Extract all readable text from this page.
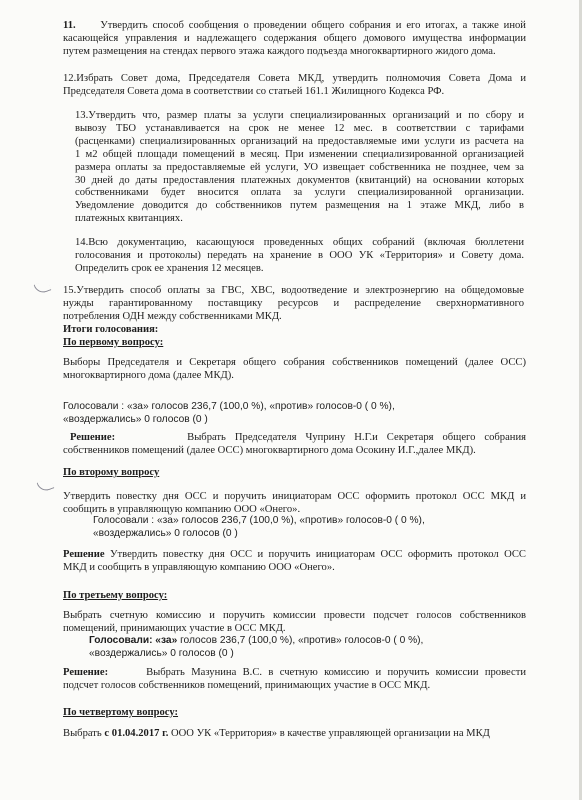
11. Утвердить способ сообщения о проведении общего собрания и его итогах, а также иной
касающейся управления и надлежащего содержания общего домового имущества информации
путем размещения на стендах первого этажа каждого подъезда многоквартирного жидого дома.
12.Избрать Совет дома, Председателя Совета МКД, утвердить полномочия Совета Дома и
Председателя Совета дома в соответствии со статьей 161.1 Жилищного Кодекса РФ.
13.Утвердить что, размер платы за услуги специализированных организаций и по сбору и
вывозу ТБО устанавливается на срок не менее 12 мес. в соответствии с тарифами
(расценками) специализированных организаций на предоставляемые ими услуги из расчета на
1 м2 общей площади помещений в месяц. При изменении специализированной организацией
размера оплаты за предоставляемые ей услуги, УО извещает собственника не позднее, чем за
30 дней до даты предоставления платежных документов (квитанций) на основании которых
собственниками будет вносится оплата за услуги специализированной организации.
Уведомление доводится до собственников путем размещения на 1 этаже МКД, либо в
платежных квитанциях.
14.Всю документацию, касающуюся проведенных общих собраний (включая бюллетени
голосования и протоколы) передать на хранение в ООО УК «Территория» и Совету дома.
Определить срок ее хранения 12 месяцев.
15.Утвердить способ оплаты за ГВС, ХВС, водоотведение и электроэнергию на общедомовые
нужды гарантированному поставщику ресурсов и распределение сверхнормативного
потребления ОДН между собственниками МКД.
Итоги голосования:
По первому вопросу:
Выборы Председателя и Секретаря общего собрания собственников помещений (далее ОСС)
многоквартирного дома (далее МКД).
Голосовали : «за» голосов 236,7 (100,0 %), «против» голосов-0 ( 0 %),
«воздержались» 0 голосов (0 )
Решение:	Выбрать Председателя Чуприну Н.Г.и Секретаря общего собрания
собственников помещений (далее ОСС) многоквартирного дома Осокину И.Г.,далее МКД).
По второму вопросу
Утвердить повестку дня ОСС и поручить инициаторам ОСС оформить протокол ОСС МКД и
сообщить в управляющую компанию ООО «Онего».
Голосовали : «за» голосов 236,7 (100,0 %), «против» голосов-0 ( 0 %),
«воздержались» 0 голосов (0 )
Решение Утвердить повестку дня ОСС и поручить инициаторам ОСС оформить протокол ОСС
МКД и сообщить в управляющую компанию ООО «Онего».
По третьему вопросу:
Выбрать счетную комиссию и поручить комиссии провести подсчет голосов собственников
помещений, принимающих участие в ОСС МКД.
Голосовали: «за» голосов 236,7 (100,0 %), «против» голосов-0 ( 0 %),
«воздержались» 0 голосов (0 )
Решение:	Выбрать Мазунина В.С. в счетную комиссию и поручить комиссии провести
подсчет голосов собственников помещений, принимающих участие в ОСС МКД.
По четвертому вопросу:
Выбрать с 01.04.2017 г. ООО УК «Территория» в качестве управляющей организации на МКД
